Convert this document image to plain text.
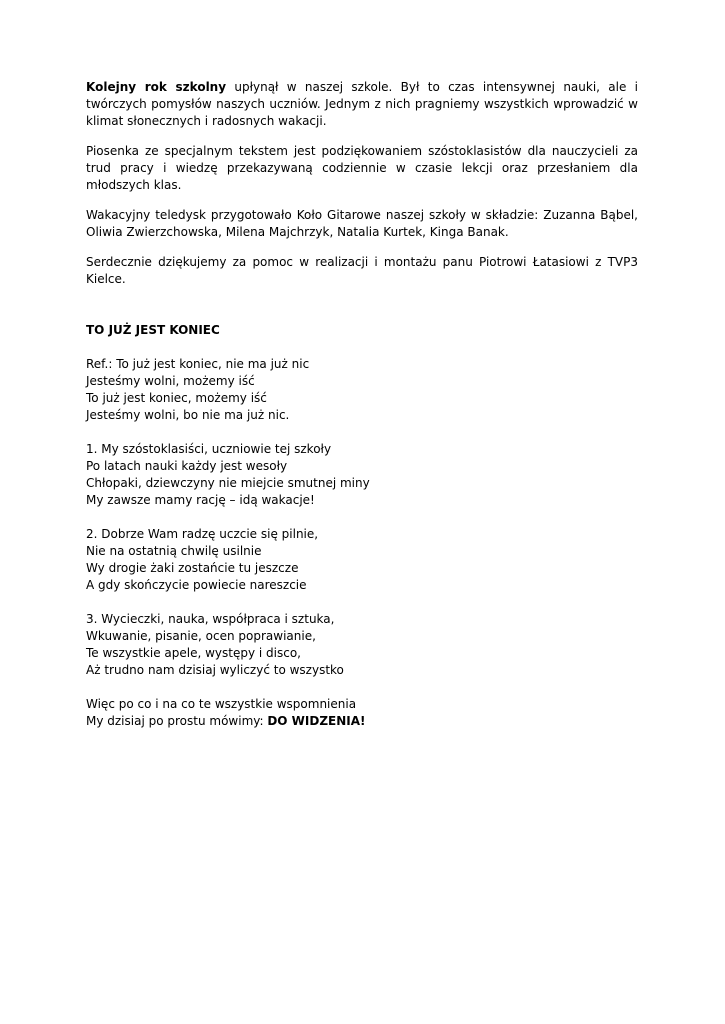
Kolejny rok szkolny upłynął w naszej szkole. Był to czas intensywnej nauki, ale i twórczych pomysłów naszych uczniów. Jednym z nich pragniemy wszystkich wprowadzić w klimat słonecznych i radosnych wakacji.

Piosenka ze specjalnym tekstem jest podziękowaniem szóstoklasistów dla nauczycieli za trud pracy i wiedzę przekazywaną codziennie w czasie lekcji oraz przesłaniem dla młodszych klas.

Wakacyjny teledysk przygotowało Koło Gitarowe naszej szkoły w składzie: Zuzanna Bąbel, Oliwia Zwierzchowska, Milena Majchrzyk, Natalia Kurtek, Kinga Banak.

Serdecznie dziękujemy za pomoc w realizacji i montażu panu Piotrowi Łatasiowi z TVP3 Kielce.

TO JUŻ JEST KONIEC
Ref.: To już jest koniec, nie ma już nic
Jesteśmy wolni, możemy iść
To już jest koniec, możemy iść
Jesteśmy wolni, bo nie ma już nic.
1. My szóstoklasiści, uczniowie tej szkoły
Po latach nauki każdy jest wesoły
Chłopaki, dziewczyny nie miejcie smutnej miny
My zawsze mamy rację – idą wakacje!
2. Dobrze Wam radzę uczcie się pilnie,
Nie na ostatnią chwilę usilnie
Wy drogie żaki zostańcie tu jeszcze
A gdy skończycie powiecie nareszcie
3. Wycieczki, nauka, współpraca i sztuka,
Wkuwanie, pisanie, ocen poprawianie,
Te wszystkie apele, występy i disco,
Aż trudno nam dzisiaj wyliczyć to wszystko
Więc po co i na co te wszystkie wspomnienia
My dzisiaj po prostu mówimy: DO WIDZENIA!
